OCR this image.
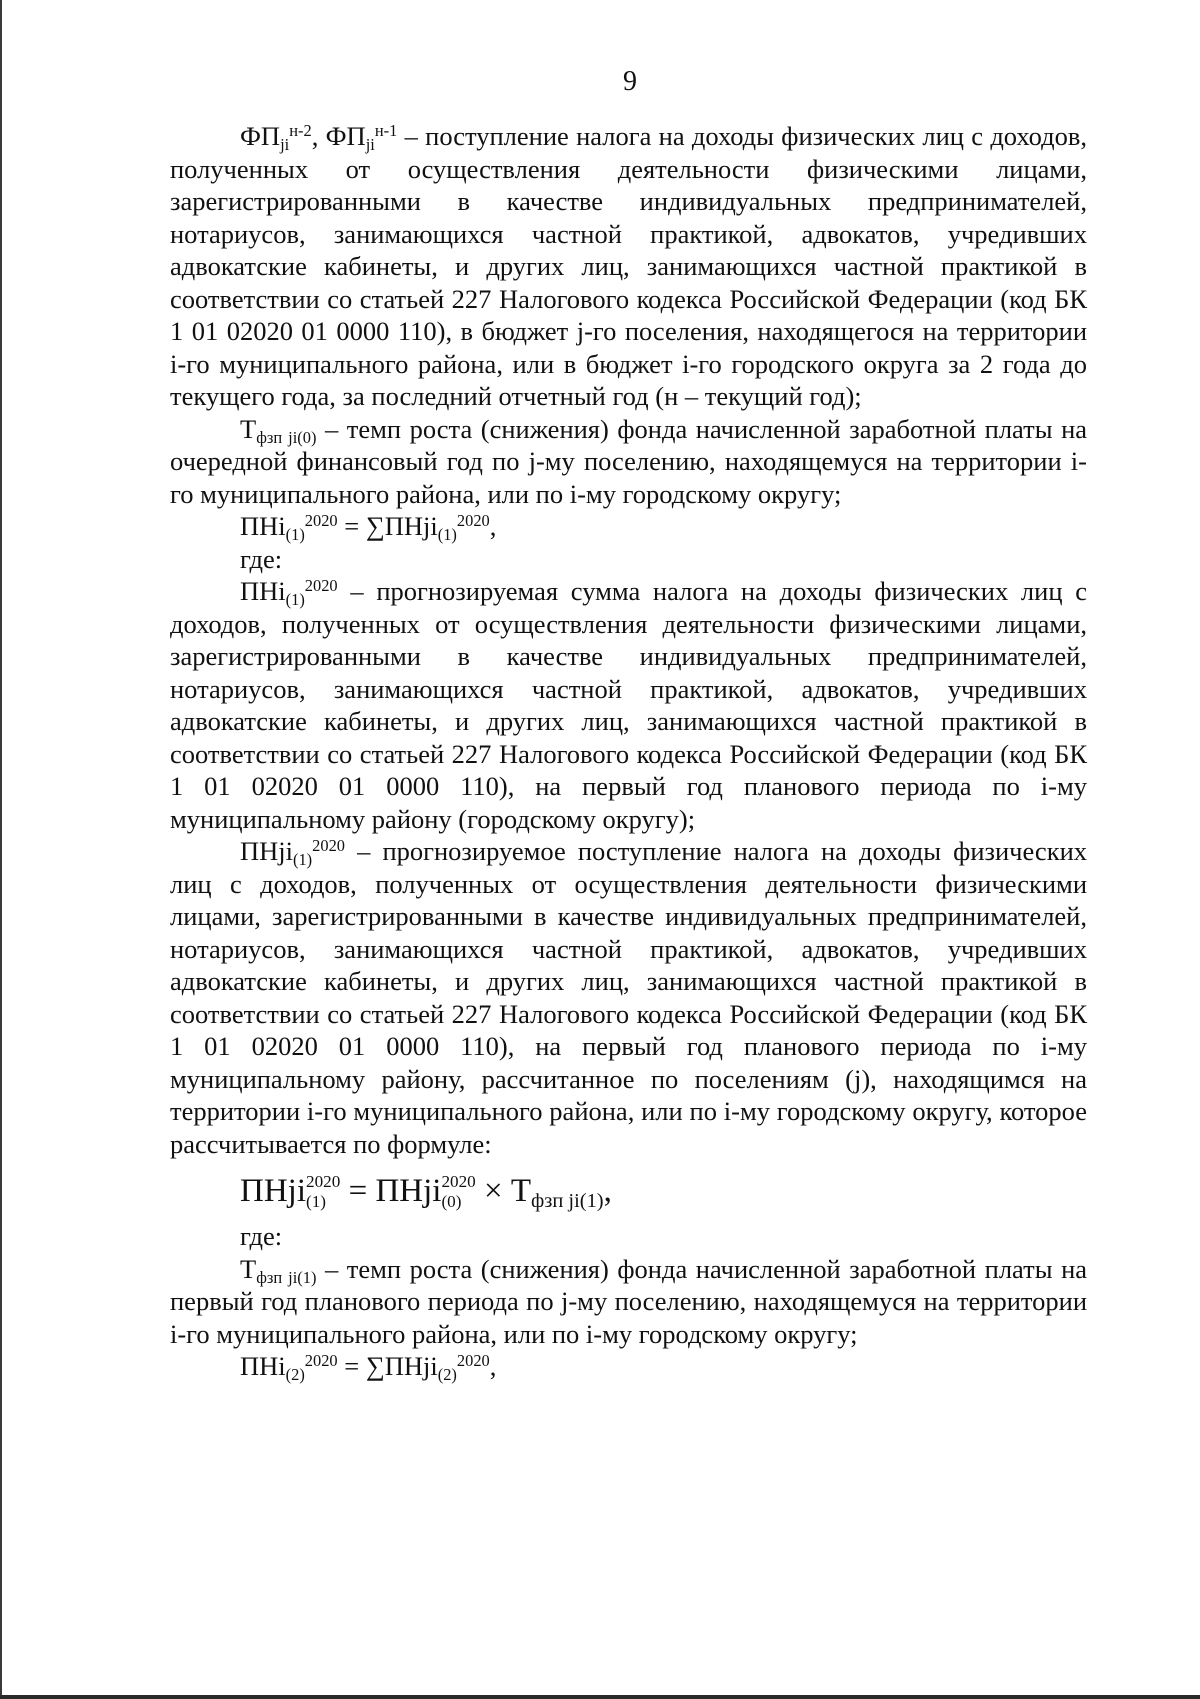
9

ФПji$^{н-2}$, ФПji$^{н-1}$ – поступление налога на доходы физических лиц с доходов, полученных от осуществления деятельности физическими лицами, зарегистрированными в качестве индивидуальных предпринимателей, нотариусов, занимающихся частной практикой, адвокатов, учредивших адвокатские кабинеты, и других лиц, занимающихся частной практикой в соответствии со статьей 227 Налогового кодекса Российской Федерации (код БК 1 01 02020 01 0000 110), в бюджет j-го поселения, находящегося на территории i-го муниципального района, или в бюджет i-го городского округа за 2 года до текущего года, за последний отчетный год (н – текущий год);

Тфзп ji(0) – темп роста (снижения) фонда начисленной заработной платы на очередной финансовый год по j-му поселению, находящемуся на территории i-го муниципального района, или по i-му городскому округу;

$ПНi(1)^{2020}$ = $\sum ПНji(1)^{2020}$,

где:

$ПНi(1)^{2020}$ – прогнозируемая сумма налога на доходы физических лиц с доходов, полученных от осуществления деятельности физическими лицами, зарегистрированными в качестве индивидуальных предпринимателей, нотариусов, занимающихся частной практикой, адвокатов, учредивших адвокатские кабинеты, и других лиц, занимающихся частной практикой в соответствии со статьей 227 Налогового кодекса Российской Федерации (код БК 1 01 02020 01 0000 110), на первый год планового периода по i-му муниципальному району (городскому округу);

$ПНji(1)^{2020}$ – прогнозируемое поступление налога на доходы физических лиц с доходов, полученных от осуществления деятельности физическими лицами, зарегистрированными в качестве индивидуальных предпринимателей, нотариусов, занимающихся частной практикой, адвокатов, учредивших адвокатские кабинеты, и других лиц, занимающихся частной практикой в соответствии со статьей 227 Налогового кодекса Российской Федерации (код БК 1 01 02020 01 0000 110), на первый год планового периода по i-му муниципальному району, рассчитанное по поселениям (j), находящимся на территории i-го муниципального района, или по i-му городскому округу, которое рассчитывается по формуле:

ПНji 2020
(1) = ПНji 2020
(0) × Тфзп ji(1),

где:

Тфзп ji(1) – темп роста (снижения) фонда начисленной заработной платы на первый год планового периода по j-му поселению, находящемуся на территории i-го муниципального района, или по i-му городскому округу;

$ПНi(2)^{2020}$ = $\sum ПНji(2)^{2020}$,
